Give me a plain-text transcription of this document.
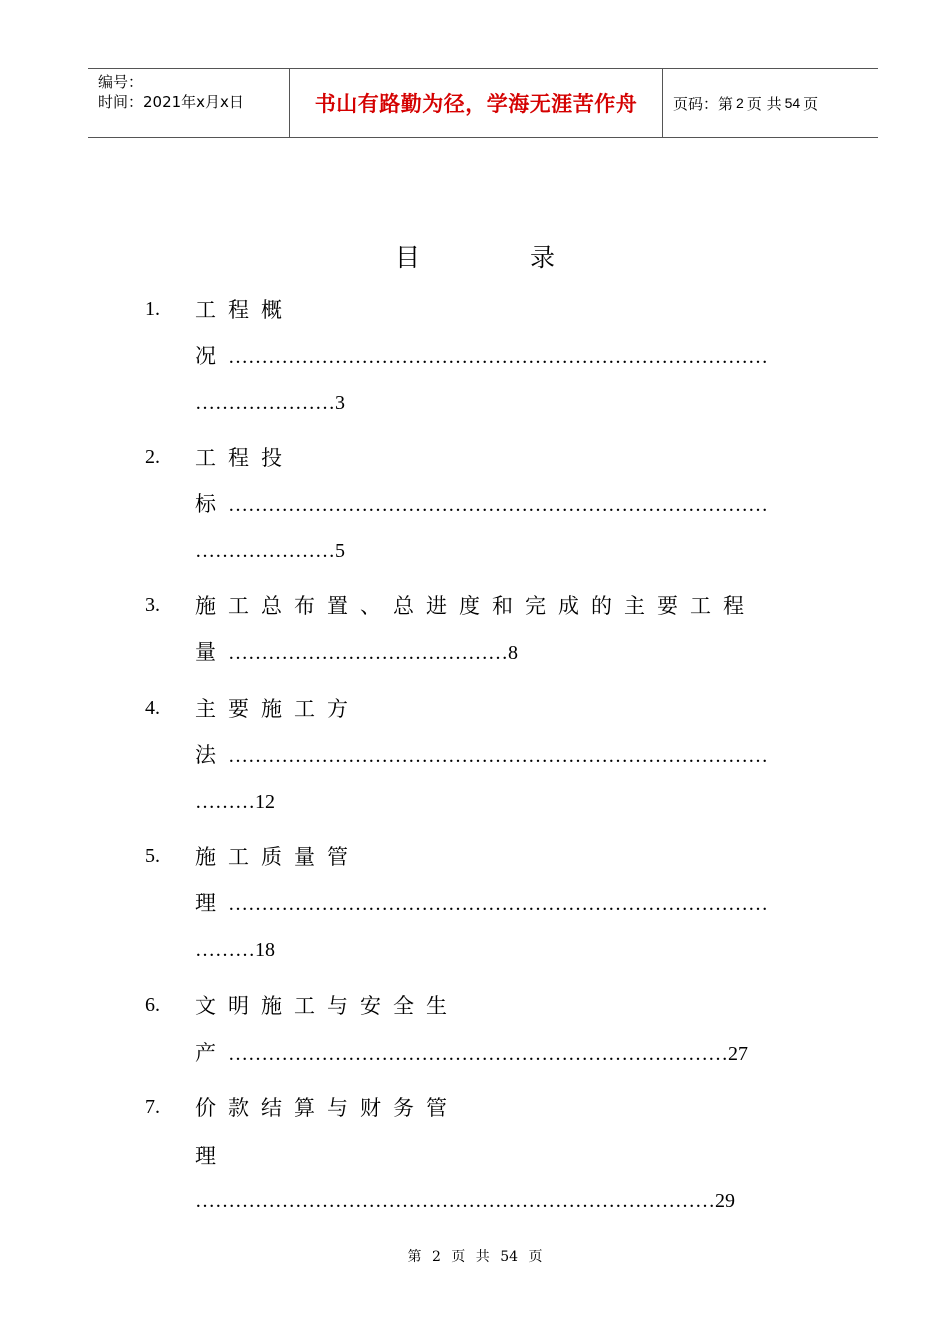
编号：
时间：2021年x月x日	书山有路勤为径，学海无涯苦作舟 页码：第 2 页 共 54 页
目	录
1. 工程概
况………………………………………………………………………
…………………3
2. 工程投
标………………………………………………………………………
…………………5
3. 施工总布置、总进度和完成的主要工程
量……………………………………8
4. 主要施工方
法………………………………………………………………………
………12
5. 施工质量管
理………………………………………………………………………
………18
6. 文明施工与安全生
产…………………………………………………………………27
7. 价款结算与财务管
理
……………………………………………………………………29
第 2 页 共 54 页
